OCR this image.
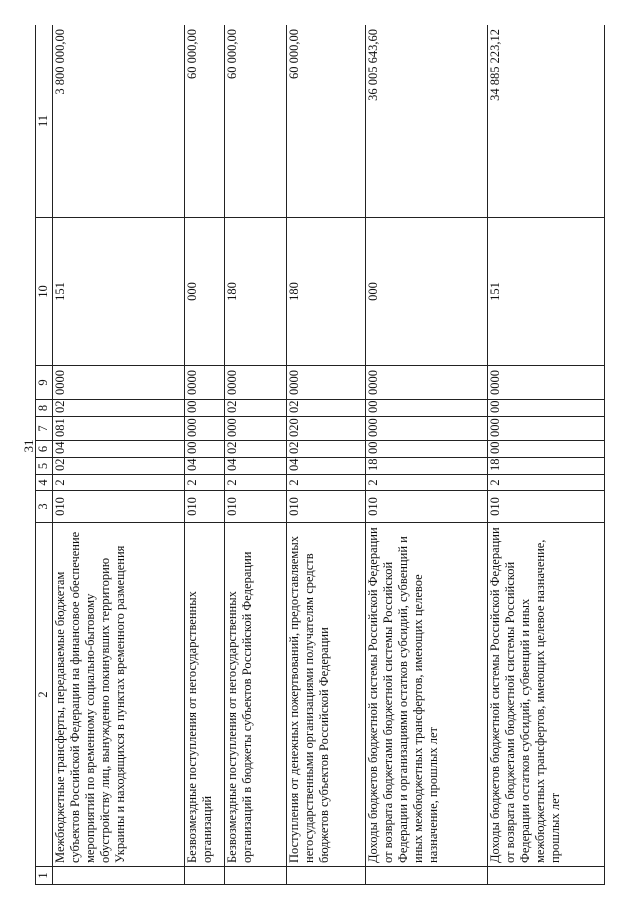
31
1	2	3	4	5	6	7	8	9	10	11
	Межбюджетные трансферты, передаваемые бюджетам субъектов Российской Федерации на финансовое обеспечение мероприятий по временному социально-бытовому обустройству лиц, вынужденно покинувших территорию Украины и находящихся в пунктах временного размещения	010	2	02	04	081	02	0000	151	3 800 000,00
	Безвозмездные поступления от негосударственных организаций	010	2	04	00	000	00	0000	000	60 000,00
	Безвозмездные поступления от негосударственных организаций в бюджеты субъектов Российской Федерации	010	2	04	02	000	02	0000	180	60 000,00
	Поступления от денежных пожертвований, предоставляемых негосударственными организациями получателям средств бюджетов субъектов Российской Федерации	010	2	04	02	020	02	0000	180	60 000,00
	Доходы бюджетов бюджетной системы Российской Федерации от возврата бюджетами бюджетной системы Российской Федерации и организациями остатков субсидий, субвенций и иных межбюджетных трансфертов, имеющих целевое назначение, прошлых лет	010	2	18	00	000	00	0000	000	36 005 643,60
	Доходы бюджетов бюджетной системы Российской Федерации от возврата бюджетами бюджетной системы Российской Федерации остатков субсидий, субвенций и иных межбюджетных трансфертов, имеющих целевое назначение, прошлых лет	010	2	18	00	000	00	0000	151	34 885 223,12
